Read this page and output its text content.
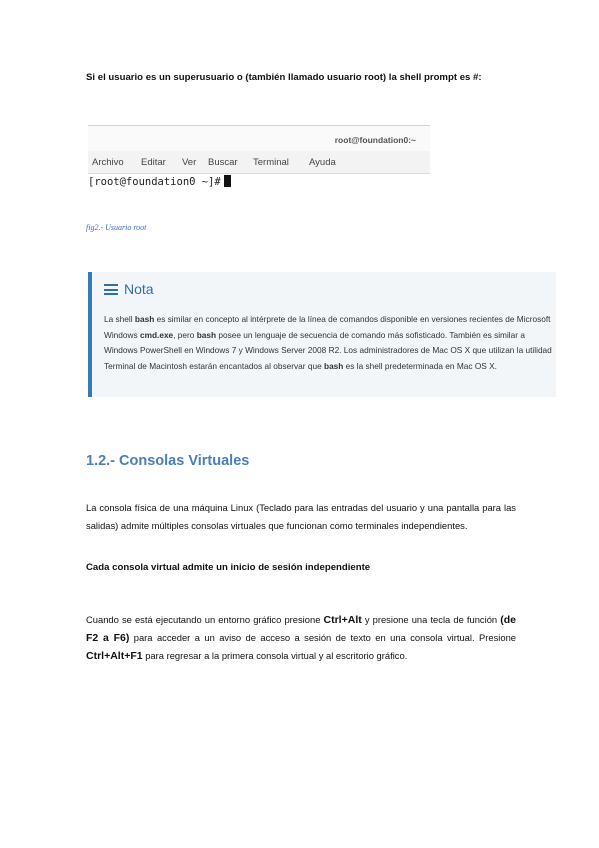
Si el usuario es un superusuario o (también llamado usuario root) la shell prompt es #:
root@foundation0:~
Archivo Editar Ver Buscar Terminal Ayuda
[root@foundation0 ~]#
fig2.- Usuario root
Nota
La shell bash es similar en concepto al intérprete de la línea de comandos disponible en versiones recientes de Microsoft Windows cmd.exe, pero bash posee un lenguaje de secuencia de comando más sofisticado. También es similar a Windows PowerShell en Windows 7 y Windows Server 2008 R2. Los administradores de Mac OS X que utilizan la utilidad Terminal de Macintosh estarán encantados al observar que bash es la shell predeterminada en Mac OS X.
1.2.- Consolas Virtuales
La consola física de una máquina Linux (Teclado para las entradas del usuario y una pantalla para las salidas) admite múltiples consolas virtuales que funcionan como terminales independientes.
Cada consola virtual admite un inicio de sesión independiente
Cuando se está ejecutando un entorno gráfico presione Ctrl+Alt y presione una tecla de función (de F2 a F6) para acceder a un aviso de acceso a sesión de texto en una consola virtual. Presione Ctrl+Alt+F1 para regresar a la primera consola virtual y al escritorio gráfico.
